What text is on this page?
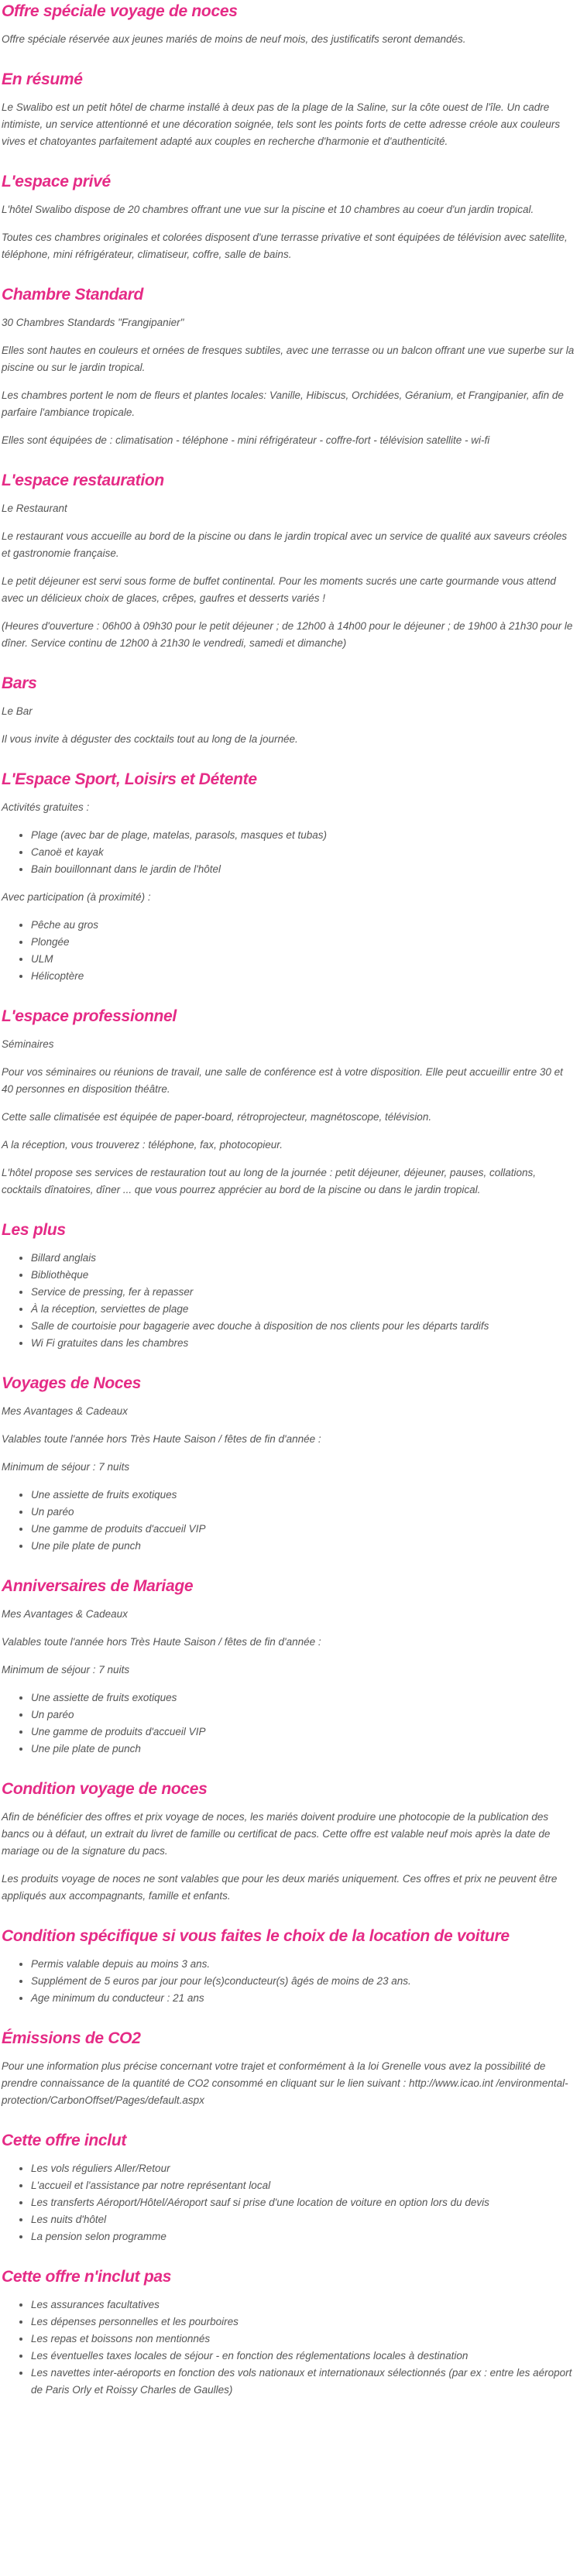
Offre spéciale voyage de noces

Offre spéciale réservée aux jeunes mariés de moins de neuf mois, des justificatifs seront demandés.

En résumé

Le Swalibo est un petit hôtel de charme installé à deux pas de la plage de la Saline, sur la côte ouest de l'île. Un cadre intimiste, un service attentionné et une décoration soignée, tels sont les points forts de cette adresse créole aux couleurs vives et chatoyantes parfaitement adapté aux couples en recherche d'harmonie et d'authenticité.

L'espace privé

L'hôtel Swalibo dispose de 20 chambres offrant une vue sur la piscine et 10 chambres au coeur d'un jardin tropical.

Toutes ces chambres originales et colorées disposent d'une terrasse privative et sont équipées de télévision avec satellite, téléphone, mini réfrigérateur, climatiseur, coffre, salle de bains.

Chambre Standard

30 Chambres Standards "Frangipanier"

Elles sont hautes en couleurs et ornées de fresques subtiles, avec une terrasse ou un balcon offrant une vue superbe sur la piscine ou sur le jardin tropical.

Les chambres portent le nom de fleurs et plantes locales: Vanille, Hibiscus, Orchidées, Géranium, et Frangipanier, afin de parfaire l'ambiance tropicale.

Elles sont équipées de : climatisation - téléphone - mini réfrigérateur - coffre-fort - télévision satellite - wi-fi

L'espace restauration

Le Restaurant

Le restaurant vous accueille au bord de la piscine ou dans le jardin tropical avec un service de qualité aux saveurs créoles et gastronomie française.

Le petit déjeuner est servi sous forme de buffet continental. Pour les moments sucrés une carte gourmande vous attend avec un délicieux choix de glaces, crêpes, gaufres et desserts variés !

(Heures d'ouverture : 06h00 à 09h30 pour le petit déjeuner ; de 12h00 à 14h00 pour le déjeuner ; de 19h00 à 21h30 pour le dîner. Service continu de 12h00 à 21h30 le vendredi, samedi et dimanche)

Bars

Le Bar

Il vous invite à déguster des cocktails tout au long de la journée.

L'Espace Sport, Loisirs et Détente

Activités gratuites :

• Plage (avec bar de plage, matelas, parasols, masques et tubas)
• Canoë et kayak
• Bain bouillonnant dans le jardin de l'hôtel

Avec participation (à proximité) :

• Pêche au gros
• Plongée
• ULM
• Hélicoptère
L'espace professionnel

Séminaires

Pour vos séminaires ou réunions de travail, une salle de conférence est à votre disposition. Elle peut accueillir entre 30 et 40 personnes en disposition théâtre.

Cette salle climatisée est équipée de paper-board, rétroprojecteur, magnétoscope, télévision.

A la réception, vous trouverez : téléphone, fax, photocopieur.

L'hôtel propose ses services de restauration tout au long de la journée : petit déjeuner, déjeuner, pauses, collations, cocktails dînatoires, dîner ... que vous pourrez apprécier au bord de la piscine ou dans le jardin tropical.

Les plus
• Billard anglais
• Bibliothèque
• Service de pressing, fer à repasser
• À la réception, serviettes de plage
• Salle de courtoisie pour bagagerie avec douche à disposition de nos clients pour les départs tardifs
• Wi Fi gratuites dans les chambres
Voyages de Noces

Mes Avantages & Cadeaux

Valables toute l'année hors Très Haute Saison / fêtes de fin d'année :

Minimum de séjour : 7 nuits

• Une assiette de fruits exotiques
• Un paréo
• Une gamme de produits d'accueil VIP
• Une pile plate de punch
Anniversaires de Mariage

Mes Avantages & Cadeaux

Valables toute l'année hors Très Haute Saison / fêtes de fin d'année :

Minimum de séjour : 7 nuits

• Une assiette de fruits exotiques
• Un paréo
• Une gamme de produits d'accueil VIP
• Une pile plate de punch
Condition voyage de noces

Afin de bénéficier des offres et prix voyage de noces, les mariés doivent produire une photocopie de la publication des bancs ou à défaut, un extrait du livret de famille ou certificat de pacs. Cette offre est valable neuf mois après la date de mariage ou de la signature du pacs.

Les produits voyage de noces ne sont valables que pour les deux mariés uniquement. Ces offres et prix ne peuvent être appliqués aux accompagnants, famille et enfants.

Condition spécifique si vous faites le choix de la location de voiture
• Permis valable depuis au moins 3 ans.
• Supplément de 5 euros par jour pour le(s)conducteur(s) âgés de moins de 23 ans.
• Age minimum du conducteur : 21 ans
Émissions de CO2

Pour une information plus précise concernant votre trajet et conformément à la loi Grenelle vous avez la possibilité de prendre connaissance de la quantité de CO2 consommé en cliquant sur le lien suivant : http://www.icao.int /environmental-protection/CarbonOffset/Pages/default.aspx

Cette offre inclut
• Les vols réguliers Aller/Retour
• L'accueil et l'assistance par notre représentant local
• Les transferts Aéroport/Hôtel/Aéroport sauf si prise d'une location de voiture en option lors du devis
• Les nuits d'hôtel
• La pension selon programme
Cette offre n'inclut pas
• Les assurances facultatives
• Les dépenses personnelles et les pourboires
• Les repas et boissons non mentionnés
• Les éventuelles taxes locales de séjour - en fonction des réglementations locales à destination
• Les navettes inter-aéroports en fonction des vols nationaux et internationaux sélectionnés (par ex : entre les aéroport de Paris Orly et Roissy Charles de Gaulles)
